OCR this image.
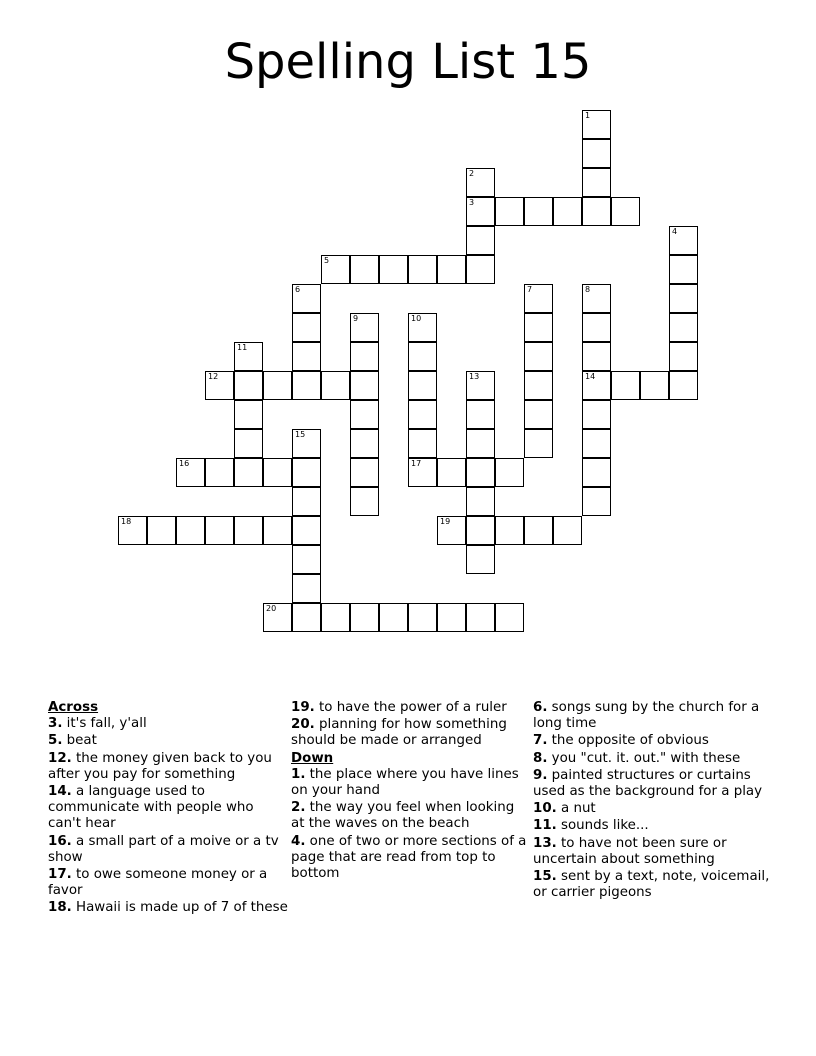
Spelling List 15
1
2
3
4
5
6	7	8
14
9	10
17
11
12	13
15
16
18	19
20
Across
3. it's fall, y'all
5. beat
12. the money given back to you after you pay for something
14. a language used to communicate with people who can't hear
16. a small part of a moive or a tv show
17. to owe someone money or a favor
18. Hawaii is made up of 7 of these
19. to have the power of a ruler
20. planning for how something should be made or arranged
Down
1. the place where you have lines on your hand
2. the way you feel when looking at the waves on the beach
4. one of two or more sections of a page that are read from top to bottom
6. songs sung by the church for a long time
7. the opposite of obvious
8. you "cut. it. out." with these
9. painted structures or curtains used as the background for a play
10. a nut
11. sounds like...
13. to have not been sure or uncertain about something
15. sent by a text, note, voicemail, or carrier pigeons
